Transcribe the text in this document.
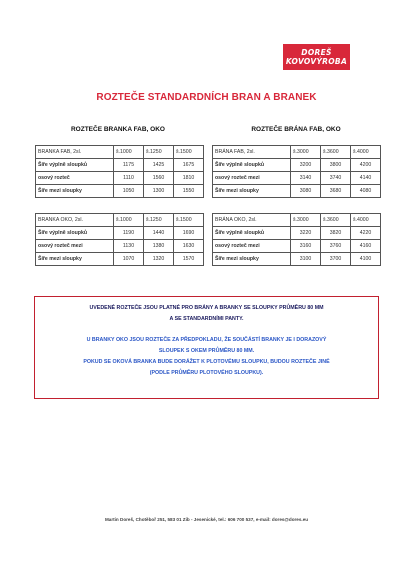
DOREŠ
KOVOVÝROBA
ROZTEČE STANDARDNÍCH BRAN A BRANEK
ROZTEČE BRANKA FAB, OKO	ROZTEČE BRÁNA FAB, OKO
BRANKA FAB, 2sl.	š.1000	š.1250	š.1500
Šíře výplně sloupků	1175	1425	1675
osový rozteč	1110	1560	1810
Šíře mezi sloupky	1050	1300	1550
BRÁNA FAB, 2sl.	š.3000	š.3600	š.4000
Šíře výplně sloupků	3200	3800	4200
osový rozteč mezi	3140	3740	4140
Šíře mezi sloupky	3080	3680	4080
BRANKA OKO, 2sl.	š.1000	š.1250	š.1500
Šíře výplně sloupků	1190	1440	1690
osový rozteč mezi	1130	1380	1630
Šíře mezi sloupky	1070	1320	1570
BRÁNA OKO, 2sl.	š.3000	š.3600	š.4000
Šíře výplně sloupků	3220	3820	4220
osový rozteč mezi	3160	3760	4160
Šíře mezi sloupky	3100	3700	4100
UVEDENÉ ROZTEČE JSOU PLATNÉ PRO BRÁNY A BRANKY SE SLOUPKY PRŮMĚRU 80 MM
A SE STANDARDNÍMI PANTY.
U BRANKY OKO JSOU ROZTEČE ZA PŘEDPOKLADU, ŽE SOUČÁSTÍ BRANKY JE I DORAZOVÝ
SLOUPEK S OKEM PRŮMĚRU 80 MM.
POKUD SE OKOVÁ BRANKA BUDE DORÁŽET K PLOTOVÉMU SLOUPKU, BUDOU ROZTEČE JINÉ
(PODLE PRŮMĚRU PLOTOVÉHO SLOUPKU).
Martin Doreš, Chotěboř 251, 583 01 Zib - Jesenické, tel.: 606 700 537, e-mail: dores@dores.eu
